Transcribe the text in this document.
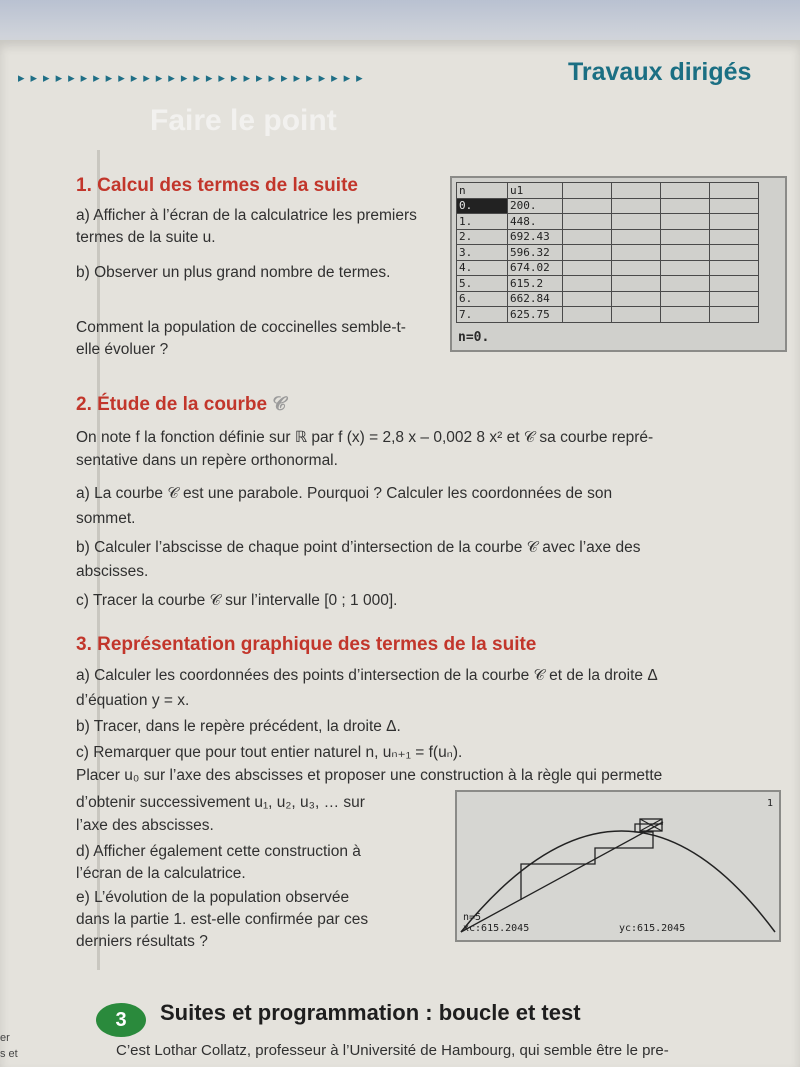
▸▸▸▸▸▸▸▸▸▸▸▸▸▸▸▸▸▸▸▸▸▸▸▸▸▸▸▸	Travaux dirigés
Faire le point
1. Calcul des termes de la suite
a) Afficher à l’écran de la calculatrice les premiers termes de la suite u.
b) Observer un plus grand nombre de termes.
Comment la population de coccinelles semble-t-elle évoluer ?
n	u1				
0.	200.				
1.	448.				
2.	692.43				
3.	596.32				
4.	674.02				
5.	615.2				
6.	662.84				
7.	625.75				
n=0.
2. Étude de la courbe 𝒞
On note f la fonction définie sur ℝ par f (x) = 2,8 x – 0,002 8 x² et 𝒞 sa courbe repré-
sentative dans un repère orthonormal.
a) La courbe 𝒞 est une parabole. Pourquoi ? Calculer les coordonnées de son
sommet.
b) Calculer l’abscisse de chaque point d’intersection de la courbe 𝒞 avec l’axe des
abscisses.
c) Tracer la courbe 𝒞 sur l’intervalle [0 ; 1 000].
3. Représentation graphique des termes de la suite
a) Calculer les coordonnées des points d’intersection de la courbe 𝒞 et de la droite Δ
d’équation y = x.
b) Tracer, dans le repère précédent, la droite Δ.
c) Remarquer que pour tout entier naturel n, uₙ₊₁ = f(uₙ).
Placer u₀ sur l’axe des abscisses et proposer une construction à la règle qui permette
d’obtenir successivement u₁, u₂, u₃, … sur
l’axe des abscisses.
d) Afficher également cette construction à
l’écran de la calculatrice.
e) L’évolution de la population observée
dans la partie 1. est-elle confirmée par ces
derniers résultats ?
1
n=5
xc:615.2045	yc:615.2045
3	Suites et programmation : boucle et test
C’est Lothar Collatz, professeur à l’Université de Hambourg, qui semble être le pre-
er
s et
